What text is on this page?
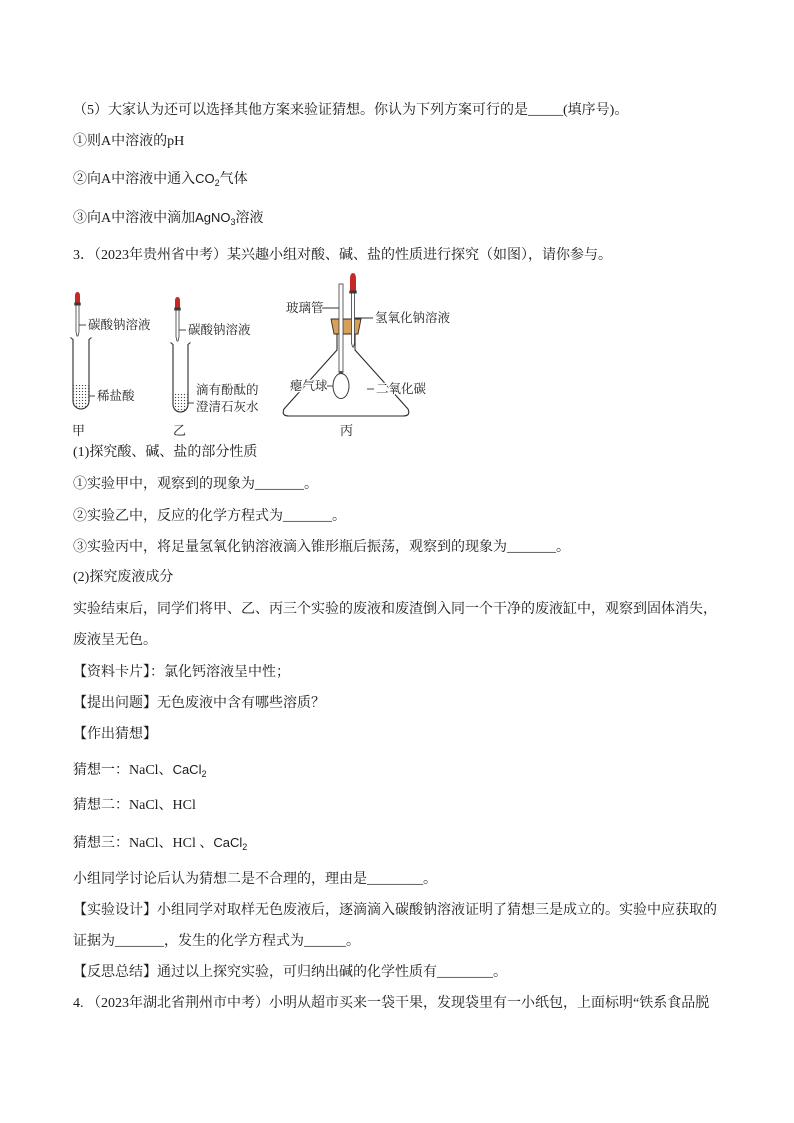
（5）大家认为还可以选择其他方案来验证猜想。你认为下列方案可行的是_____(填序号)。
①则A中溶液的pH
②向A中溶液中通入$CO_2$气体
③向A中溶液中滴加AgNO$_3$溶液
3．（2023年贵州省中考）某兴趣小组对酸、碱、盐的性质进行探究（如图），请你参与。
碳酸钠溶液
稀盐酸
甲
碳酸钠溶液
滴有酚酞的
澄清石灰水
乙
玻璃管
氢氧化钠溶液
瘪气球	二氧化碳
丙
(1)探究酸、碱、盐的部分性质
①实验甲中，观察到的现象为_______。
②实验乙中，反应的化学方程式为_______。
③实验丙中，将足量氢氧化钠溶液滴入锥形瓶后振荡，观察到的现象为_______。
(2)探究废液成分
实验结束后，同学们将甲、乙、丙三个实验的废液和废渣倒入同一个干净的废液缸中，观察到固体消失，
废液呈无色。
【资料卡片】：氯化钙溶液呈中性；
【提出问题】无色废液中含有哪些溶质？
【作出猜想】
猜想一：NaCl、CaCl$_2$
猜想二：NaCl、HCl
猜想三：NaCl、HCl 、CaCl$_2$
小组同学讨论后认为猜想二是不合理的，理由是________。
【实验设计】小组同学对取样无色废液后，逐滴滴入碳酸钠溶液证明了猜想三是成立的。实验中应获取的
证据为_______，发生的化学方程式为______。
【反思总结】通过以上探究实验，可归纳出碱的化学性质有________。
4. （2023年湖北省荆州市中考）小明从超市买来一袋干果，发现袋里有一小纸包，上面标明“铁系食品脱
